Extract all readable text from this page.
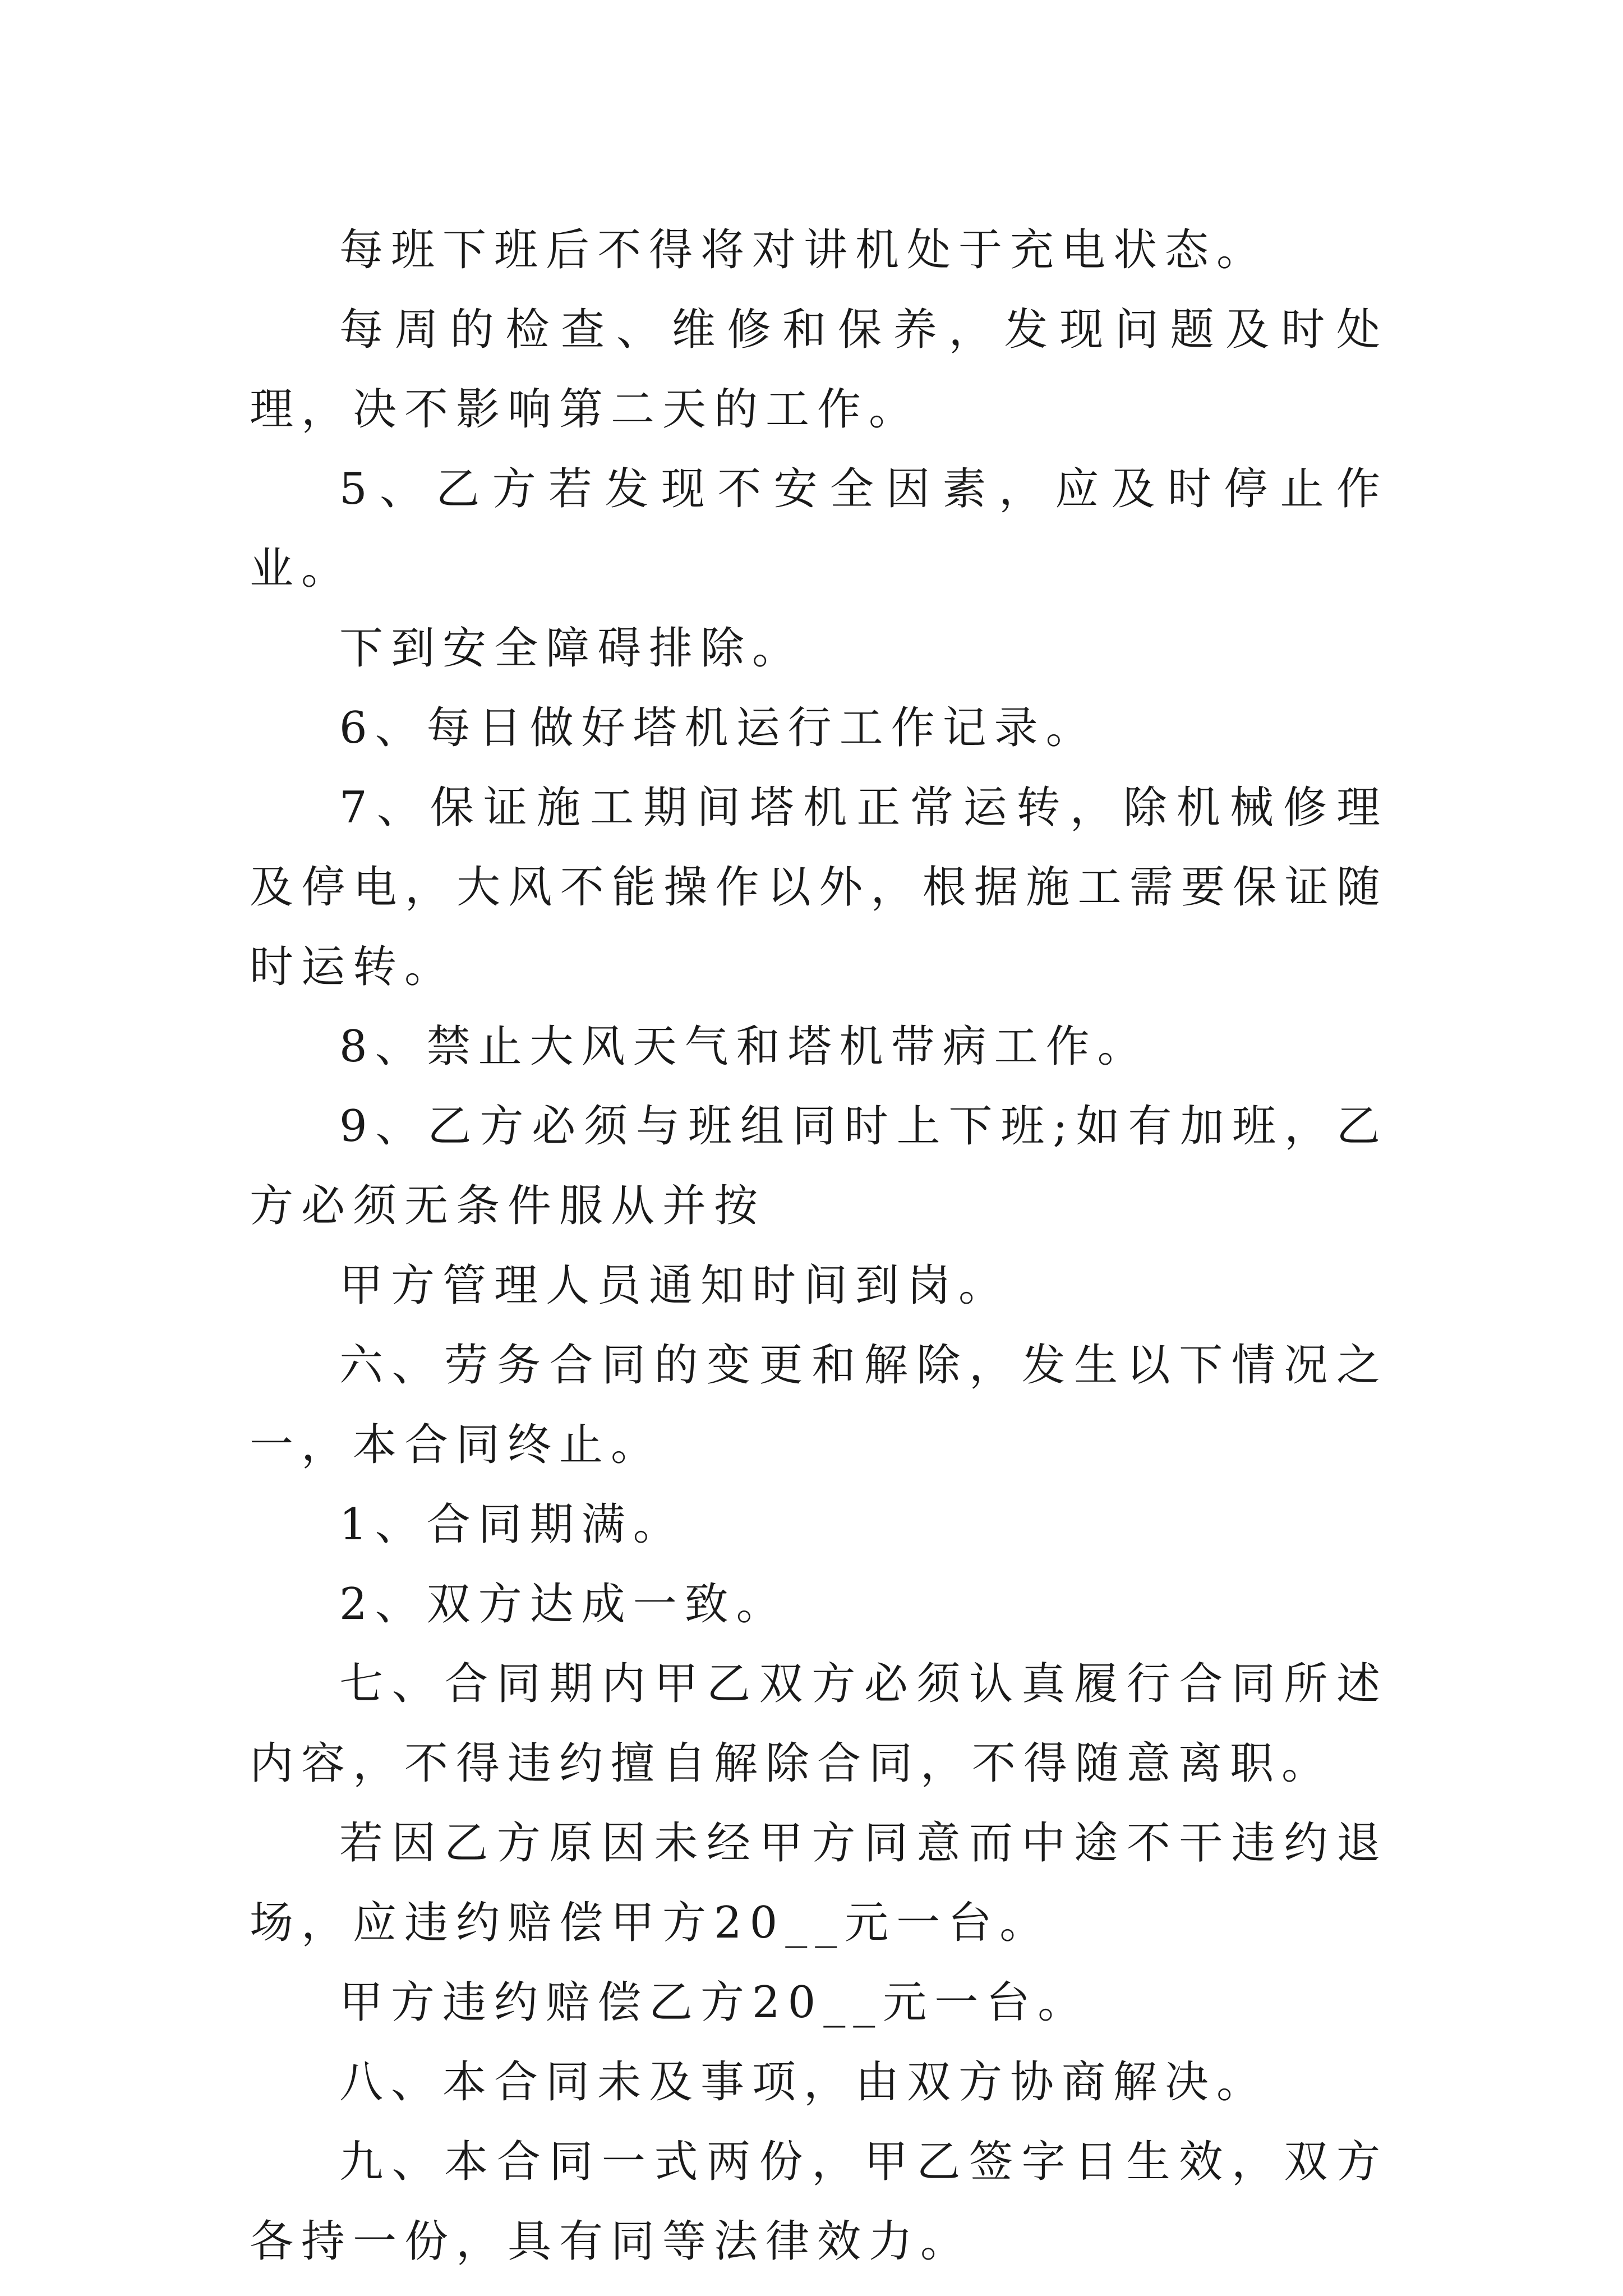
每班下班后不得将对讲机处于充电状态。

每周的检查、维修和保养，发现问题及时处理，决不影响第二天的工作。

5、乙方若发现不安全因素，应及时停止作业。

下到安全障碍排除。

6、每日做好塔机运行工作记录。

7、保证施工期间塔机正常运转，除机械修理及停电，大风不能操作以外，根据施工需要保证随时运转。

8、禁止大风天气和塔机带病工作。

9、乙方必须与班组同时上下班;如有加班，乙方必须无条件服从并按

甲方管理人员通知时间到岗。

六、劳务合同的变更和解除，发生以下情况之一，本合同终止。

1、合同期满。

2、双方达成一致。

七、合同期内甲乙双方必须认真履行合同所述内容，不得违约擅自解除合同，不得随意离职。

若因乙方原因未经甲方同意而中途不干违约退场，应违约赔偿甲方20__元一台。

甲方违约赔偿乙方20__元一台。

八、本合同未及事项，由双方协商解决。

九、本合同一式两份，甲乙签字日生效，双方各持一份，具有同等法律效力。
